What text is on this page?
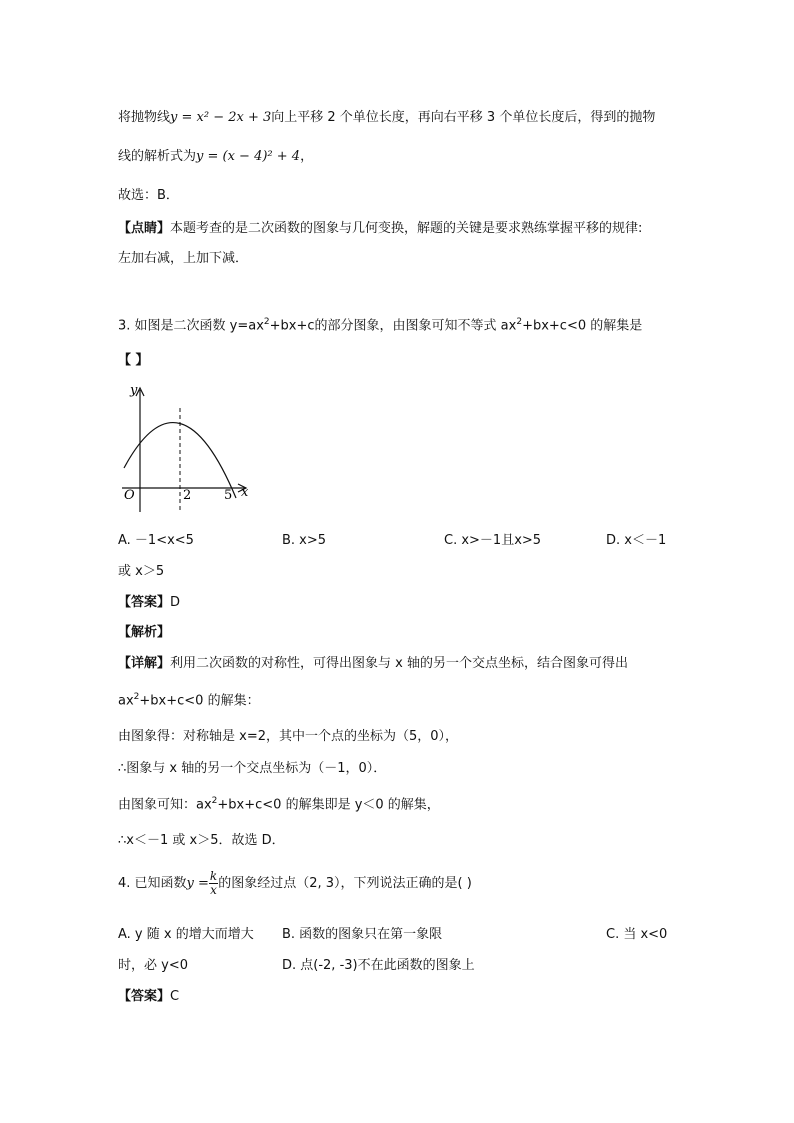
将抛物线y = x² − 2x + 3向上平移 2 个单位长度，再向右平移 3 个单位长度后，得到的抛物
线的解析式为y = (x − 4)² + 4，
故选：B．
【点睛】本题考查的是二次函数的图象与几何变换，解题的关键是要求熟练掌握平移的规律:
左加右减，上加下减．
3. 如图是二次函数 $y=ax^2+bx+c$的部分图象，由图象可知不等式 $ax^2+bx+c<0$ 的解集是
【 】
y
x
O	2	5
A. －1<x<5	B. x>5	C. x>－1且x>5	D. x＜－1
或 x＞5
【答案】D
【解析】
【详解】利用二次函数的对称性，可得出图象与 x 轴的另一个交点坐标，结合图象可得出
$ax^2+bx+c<0$ 的解集：
由图象得：对称轴是 x=2，其中一个点的坐标为（5，0），
∴图象与 x 轴的另一个交点坐标为（－1，0）．
由图象可知：$ax^2+bx+c<0$ 的解集即是 y＜0 的解集，
∴x＜－1 或 x＞5．故选 D．
4. 已知函数$y = \frac{k}{x}$ 的图象经过点（2, 3），下列说法正确的是( )
A. y 随 x 的增大而增大 B. 函数的图象只在第一象限	C. 当 x<0
时，必 y<0	D. 点(-2, -3)不在此函数的图象上
【答案】C
